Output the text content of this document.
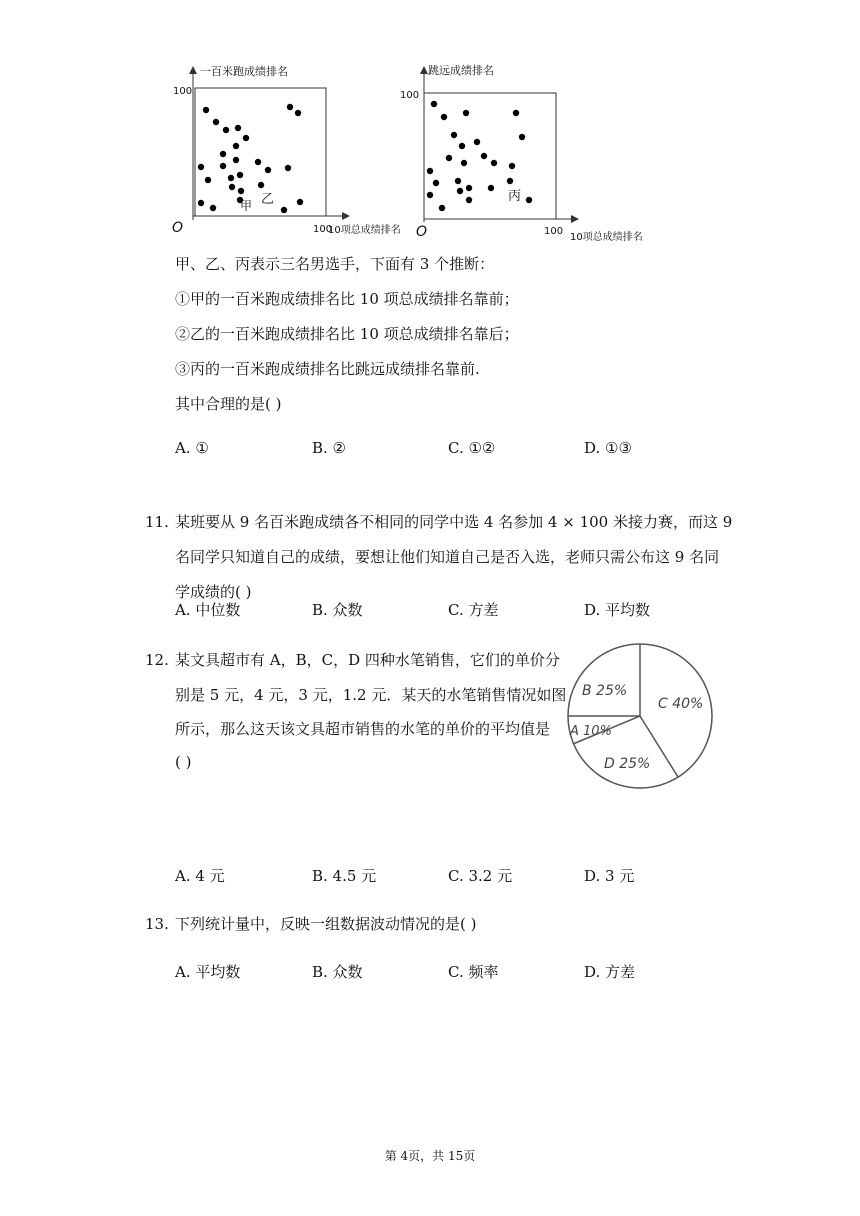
一百米跑成绩排名
100
O	100
10项总成绩排名
甲 乙
跳远成绩排名
100
O	100
10项总成绩排名
丙
甲、乙、丙表示三名男选手，下面有 3 个推断：
①甲的一百米跑成绩排名比 10 项总成绩排名靠前；
②乙的一百米跑成绩排名比 10 项总成绩排名靠后；
③丙的一百米跑成绩排名比跳远成绩排名靠前.
其中合理的是( )
A. ①	B. ②	C. ①②	D. ①③
11. 某班要从 9 名百米跑成绩各不相同的同学中选 4 名参加 4 × 100 米接力赛，而这 9
名同学只知道自己的成绩，要想让他们知道自己是否入选，老师只需公布这 9 名同
学成绩的( )
A. 中位数	B. 众数	C. 方差	D. 平均数
12. 某文具超市有 A，B，C，D 四种水笔销售，它们的单价分
别是 5 元，4 元，3 元，1.2 元．某天的水笔销售情况如图
所示，那么这天该文具超市销售的水笔的单价的平均值是
( )
B 25%
C 40%
A 10%
D 25%
A. 4 元	B. 4.5 元	C. 3.2 元	D. 3 元
13. 下列统计量中，反映一组数据波动情况的是( )
A. 平均数	B. 众数	C. 频率	D. 方差
第 4页，共 15页
